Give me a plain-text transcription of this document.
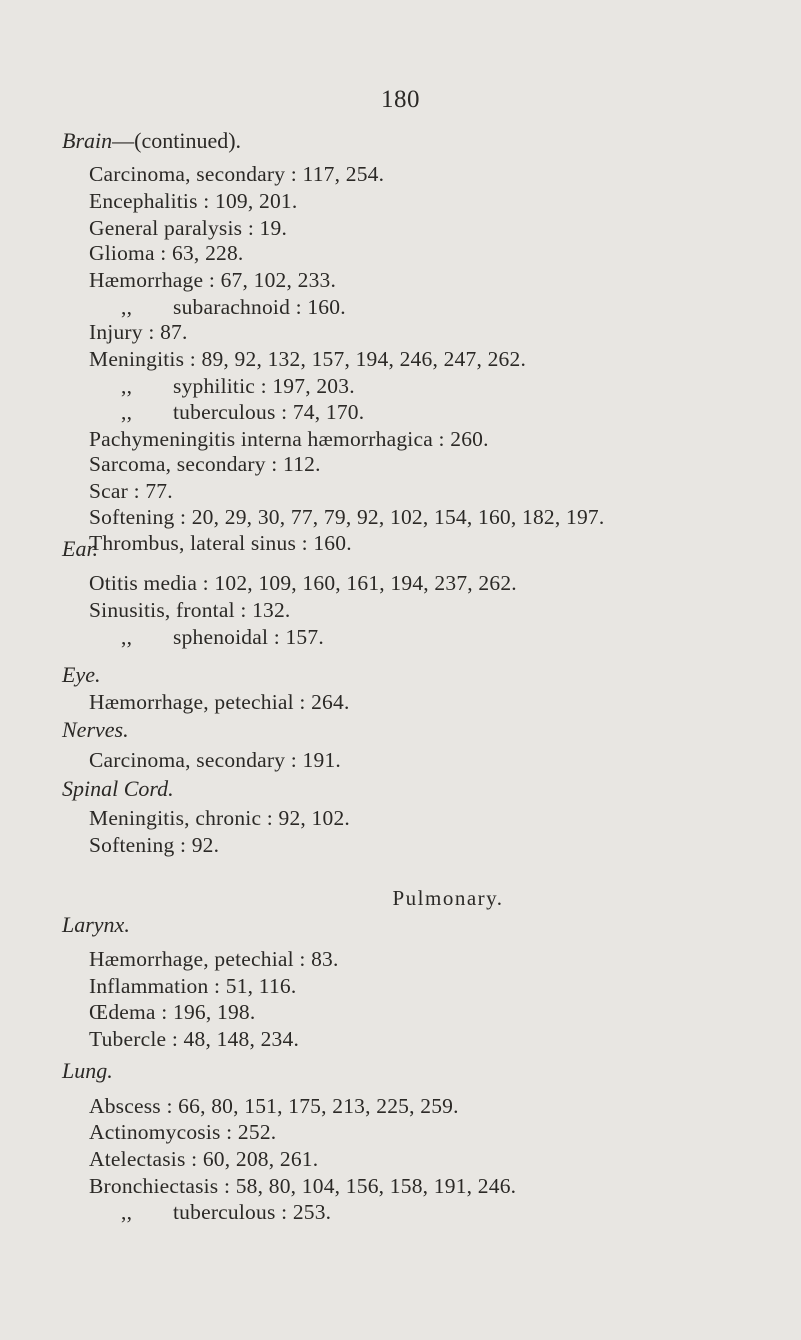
180
Brain—(continued).
Carcinoma, secondary : 117, 254.
Encephalitis : 109, 201.
General paralysis : 19.
Glioma : 63, 228.
Hæmorrhage : 67, 102, 233.
,, subarachnoid : 160.
Injury : 87.
Meningitis : 89, 92, 132, 157, 194, 246, 247, 262.
,, syphilitic : 197, 203.
,, tuberculous : 74, 170.
Pachymeningitis interna hæmorrhagica : 260.
Sarcoma, secondary : 112.
Scar : 77.
Softening : 20, 29, 30, 77, 79, 92, 102, 154, 160, 182, 197.
Thrombus, lateral sinus : 160.
Ear.
Otitis media : 102, 109, 160, 161, 194, 237, 262.
Sinusitis, frontal : 132.
,, sphenoidal : 157.
Eye.
Hæmorrhage, petechial : 264.
Nerves.
Carcinoma, secondary : 191.
Spinal Cord.
Meningitis, chronic : 92, 102.
Softening : 92.
Pulmonary.
Larynx.
Hæmorrhage, petechial : 83.
Inflammation : 51, 116.
Œdema : 196, 198.
Tubercle : 48, 148, 234.
Lung.
Abscess : 66, 80, 151, 175, 213, 225, 259.
Actinomycosis : 252.
Atelectasis : 60, 208, 261.
Bronchiectasis : 58, 80, 104, 156, 158, 191, 246.
,, tuberculous : 253.
